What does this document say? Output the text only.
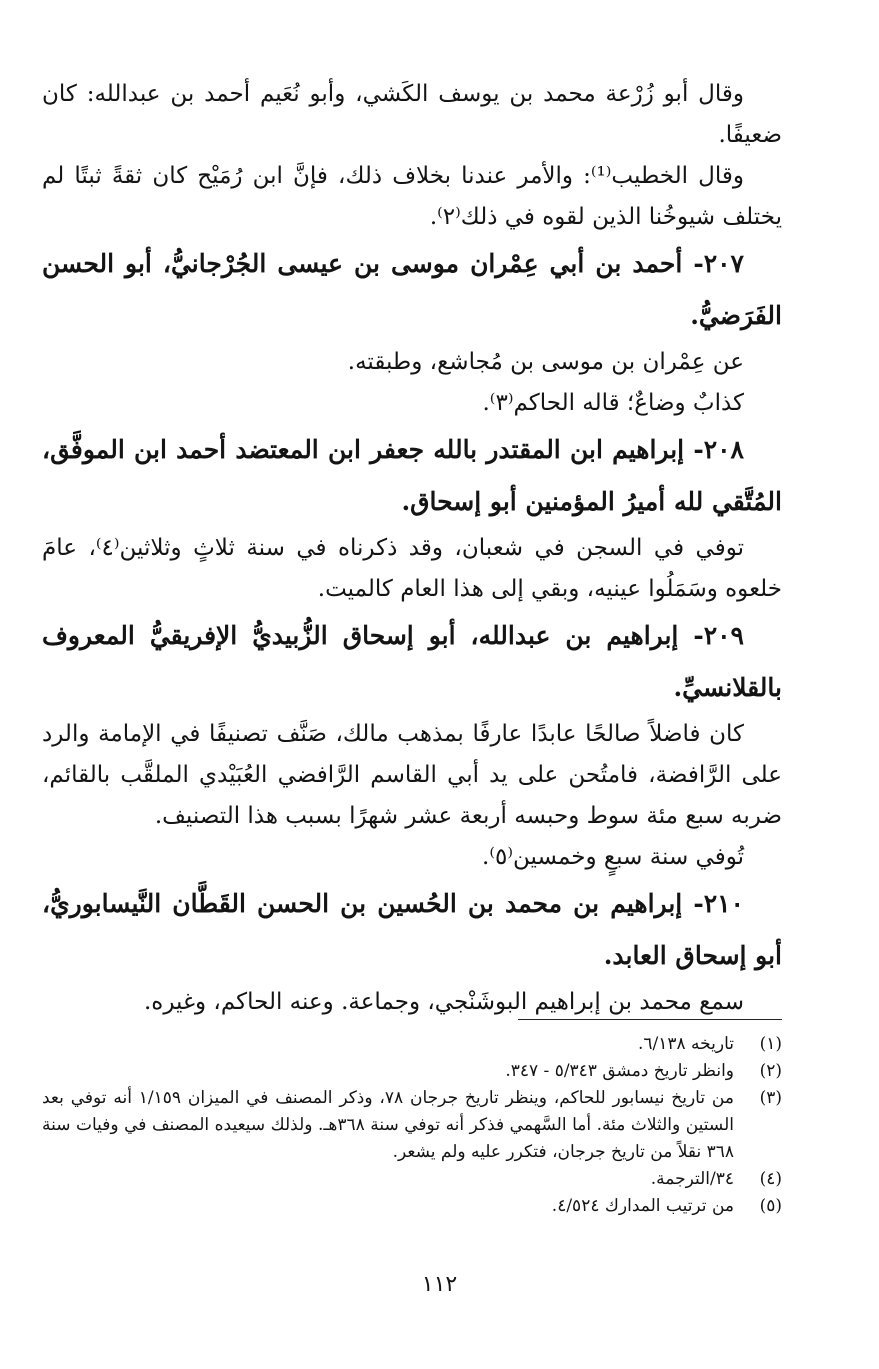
وقال أبو زُرْعة محمد بن يوسف الكَشي، وأبو نُعَيم أحمد بن عبدالله: كان ضعيفًا.

وقال الخطيب⁽¹⁾: والأمر عندنا بخلاف ذلك، فإنَّ ابن رُمَيْح كان ثقةً ثبتًا لم يختلف شيوخُنا الذين لقوه في ذلك⁽٢⁾.

٢٠٧- أحمد بن أبي عِمْران موسى بن عيسى الجُرْجانيُّ، أبو الحسن الفَرَضيُّ.

عن عِمْران بن موسى بن مُجاشع، وطبقته.

كذابٌ وضاعٌ؛ قاله الحاكم⁽٣⁾.

٢٠٨- إبراهيم ابن المقتدر بالله جعفر ابن المعتضد أحمد ابن الموفَّق، المُتَّقي لله أميرُ المؤمنين أبو إسحاق.

توفي في السجن في شعبان، وقد ذكرناه في سنة ثلاثٍ وثلاثين⁽٤⁾، عامَ خلعوه وسَمَلُوا عينيه، وبقي إلى هذا العام كالميت.

٢٠٩- إبراهيم بن عبدالله، أبو إسحاق الزُّبيديُّ الإفريقيُّ المعروف بالقلانسيِّ.

كان فاضلاً صالحًا عابدًا عارفًا بمذهب مالك، صَنَّف تصنيفًا في الإمامة والرد على الرَّافضة، فامتُحن على يد أبي القاسم الرَّافضي العُبَيْدي الملقَّب بالقائم، ضربه سبع مئة سوط وحبسه أربعة عشر شهرًا بسبب هذا التصنيف.

تُوفي سنة سبعٍ وخمسين⁽٥⁾.

٢١٠- إبراهيم بن محمد بن الحُسين بن الحسن القَطَّان النَّيسابوريُّ، أبو إسحاق العابد.

سمع محمد بن إبراهيم البوشَنْجي، وجماعة. وعنه الحاكم، وغيره.

(١)
تاريخه ٦/١٣٨.
(٢)
وانظر تاريخ دمشق ٥/٣٤٣ - ٣٤٧.
(٣)
من تاريخ نيسابور للحاكم، وينظر تاريخ جرجان ٧٨، وذكر المصنف في الميزان ١/١٥٩ أنه توفي بعد الستين والثلاث مئة. أما السَّهمي فذكر أنه توفي سنة ٣٦٨هـ. ولذلك سيعيده المصنف في وفيات سنة ٣٦٨ نقلاً من تاريخ جرجان، فتكرر عليه ولم يشعر.
(٤)
٣٤/الترجمة.
(٥)
من ترتيب المدارك ٤/٥٢٤.
١١٢
